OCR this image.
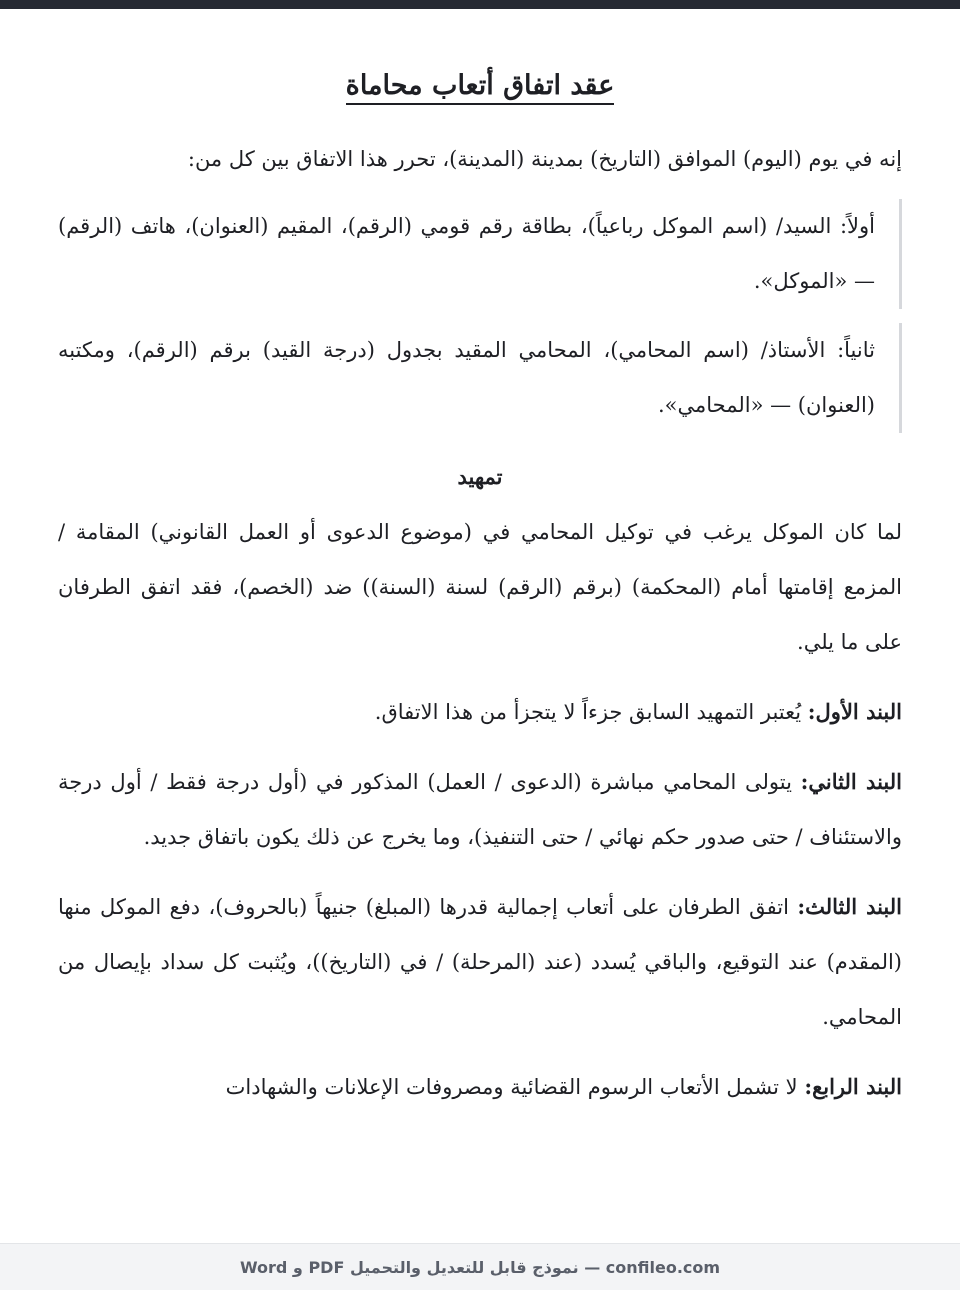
عقد اتفاق أتعاب محاماة

إنه في يوم (اليوم) الموافق (التاريخ) بمدينة (المدينة)، تحرر هذا الاتفاق بين كل من:

أولاً: السيد/ (اسم الموكل رباعياً)، بطاقة رقم قومي (الرقم)، المقيم (العنوان)، هاتف (الرقم) — «الموكل».

ثانياً: الأستاذ/ (اسم المحامي)، المحامي المقيد بجدول (درجة القيد) برقم (الرقم)، ومكتبه (العنوان) — «المحامي».

تمهيد

لما كان الموكل يرغب في توكيل المحامي في (موضوع الدعوى أو العمل القانوني) المقامة / المزمع إقامتها أمام (المحكمة) (برقم (الرقم) لسنة (السنة)) ضد (الخصم)، فقد اتفق الطرفان على ما يلي.

البند الأول: يُعتبر التمهيد السابق جزءاً لا يتجزأ من هذا الاتفاق.

البند الثاني: يتولى المحامي مباشرة (الدعوى / العمل) المذكور في (أول درجة فقط / أول درجة والاستئناف / حتى صدور حكم نهائي / حتى التنفيذ)، وما يخرج عن ذلك يكون باتفاق جديد.

البند الثالث: اتفق الطرفان على أتعاب إجمالية قدرها (المبلغ) جنيهاً (بالحروف)، دفع الموكل منها (المقدم) عند التوقيع، والباقي يُسدد (عند (المرحلة) / في (التاريخ))، ويُثبت كل سداد بإيصال من المحامي.

البند الرابع: لا تشمل الأتعاب الرسوم القضائية ومصروفات الإعلانات والشهادات

confileo.com — نموذج قابل للتعديل والتحميل PDF و Word
